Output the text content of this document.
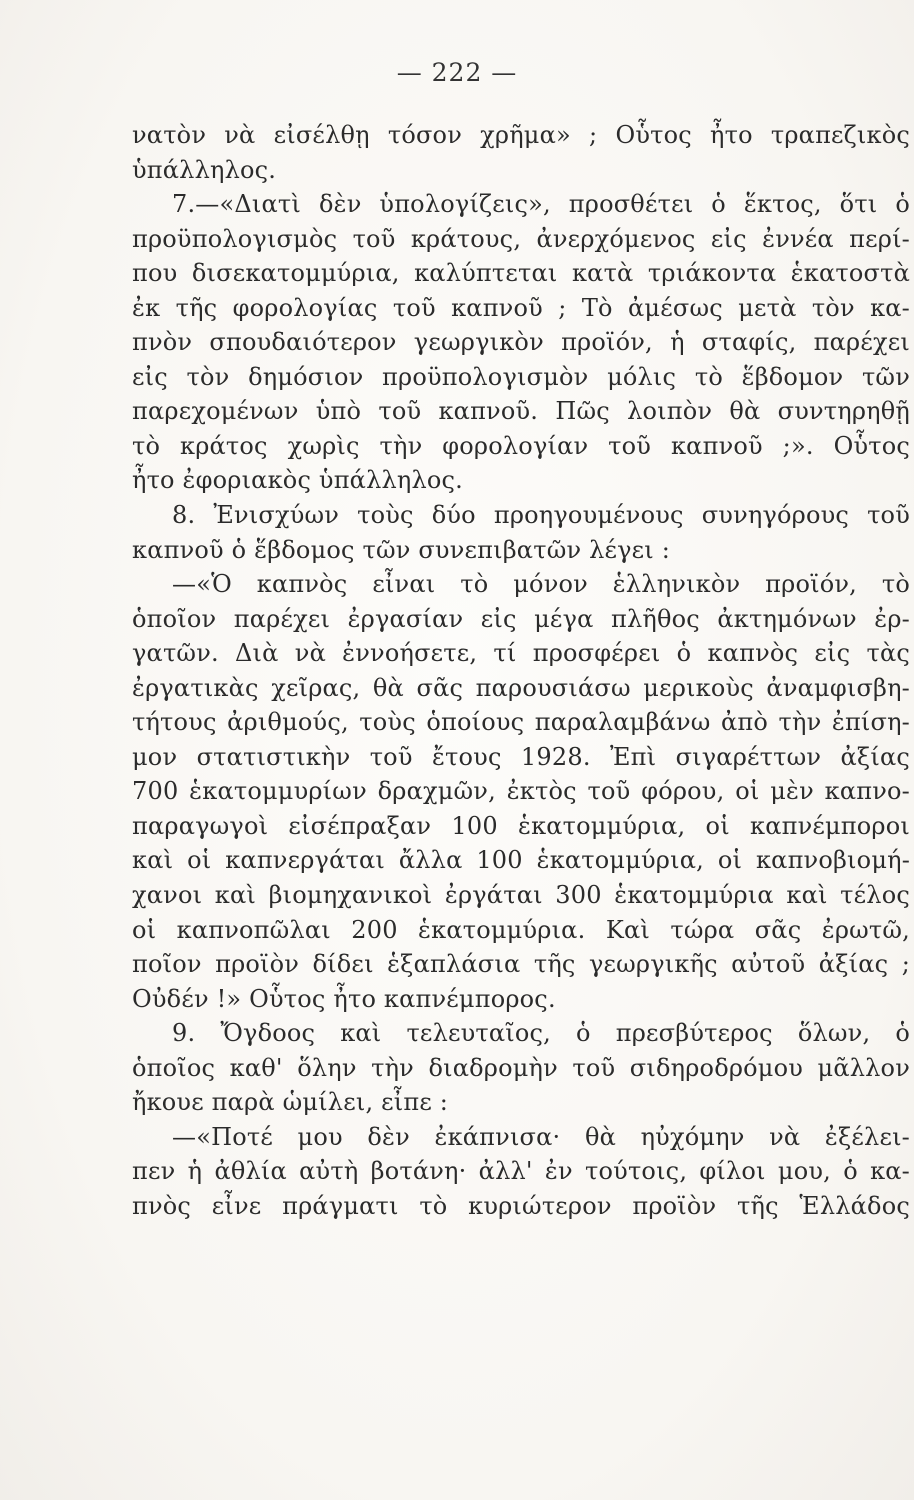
— 222 —
νατὸν νὰ εἰσέλθῃ τόσον χρῆμα» ; Οὗτος ἦτο τραπεζικὸς
ὑπάλληλος.
7.—«Διατὶ δὲν ὑπολογίζεις», προσθέτει ὁ ἕκτος, ὅτι ὁ
προϋπολογισμὸς τοῦ κράτους, ἀνερχόμενος εἰς ἐννέα περί-
που δισεκατομμύρια, καλύπτεται κατὰ τριάκοντα ἑκατοστὰ
ἐκ τῆς φορολογίας τοῦ καπνοῦ ; Τὸ ἀμέσως μετὰ τὸν κα-
πνὸν σπουδαιότερον γεωργικὸν προϊόν, ἡ σταφίς, παρέχει
εἰς τὸν δημόσιον προϋπολογισμὸν μόλις τὸ ἕβδομον τῶν
παρεχομένων ὑπὸ τοῦ καπνοῦ. Πῶς λοιπὸν θὰ συντηρηθῇ
τὸ κράτος χωρὶς τὴν φορολογίαν τοῦ καπνοῦ ;». Οὗτος
ἦτο ἐφοριακὸς ὑπάλληλος.
8. Ἐνισχύων τοὺς δύο προηγουμένους συνηγόρους τοῦ
καπνοῦ ὁ ἕβδομος τῶν συνεπιβατῶν λέγει :
—«Ὁ καπνὸς εἶναι τὸ μόνον ἑλληνικὸν προϊόν, τὸ
ὁποῖον παρέχει ἐργασίαν εἰς μέγα πλῆθος ἀκτημόνων ἐρ-
γατῶν. Διὰ νὰ ἐννοήσετε, τί προσφέρει ὁ καπνὸς εἰς τὰς
ἐργατικὰς χεῖρας, θὰ σᾶς παρουσιάσω μερικοὺς ἀναμφισβη-
τήτους ἀριθμούς, τοὺς ὁποίους παραλαμβάνω ἀπὸ τὴν ἐπίση-
μον στατιστικὴν τοῦ ἔτους 1928. Ἐπὶ σιγαρέττων ἀξίας
700 ἑκατομμυρίων δραχμῶν, ἐκτὸς τοῦ φόρου, οἱ μὲν καπνο-
παραγωγοὶ εἰσέπραξαν 100 ἑκατομμύρια, οἱ καπνέμποροι
καὶ οἱ καπνεργάται ἄλλα 100 ἑκατομμύρια, οἱ καπνοβιομή-
χανοι καὶ βιομηχανικοὶ ἐργάται 300 ἑκατομμύρια καὶ τέλος
οἱ καπνοπῶλαι 200 ἑκατομμύρια. Καὶ τώρα σᾶς ἐρωτῶ,
ποῖον προϊὸν δίδει ἑξαπλάσια τῆς γεωργικῆς αὐτοῦ ἀξίας ;
Οὐδέν !» Οὗτος ἦτο καπνέμπορος.
9. Ὄγδοος καὶ τελευταῖος, ὁ πρεσβύτερος ὅλων, ὁ
ὁποῖος καθ' ὅλην τὴν διαδρομὴν τοῦ σιδηροδρόμου μᾶλλον
ἤκουε παρὰ ὡμίλει, εἶπε :
—«Ποτέ μου δὲν ἐκάπνισα· θὰ ηὐχόμην νὰ ἐξέλει-
πεν ἡ ἀθλία αὐτὴ βοτάνη· ἀλλ' ἐν τούτοις, φίλοι μου, ὁ κα-
πνὸς εἶνε πράγματι τὸ κυριώτερον προϊὸν τῆς Ἑλλάδος
